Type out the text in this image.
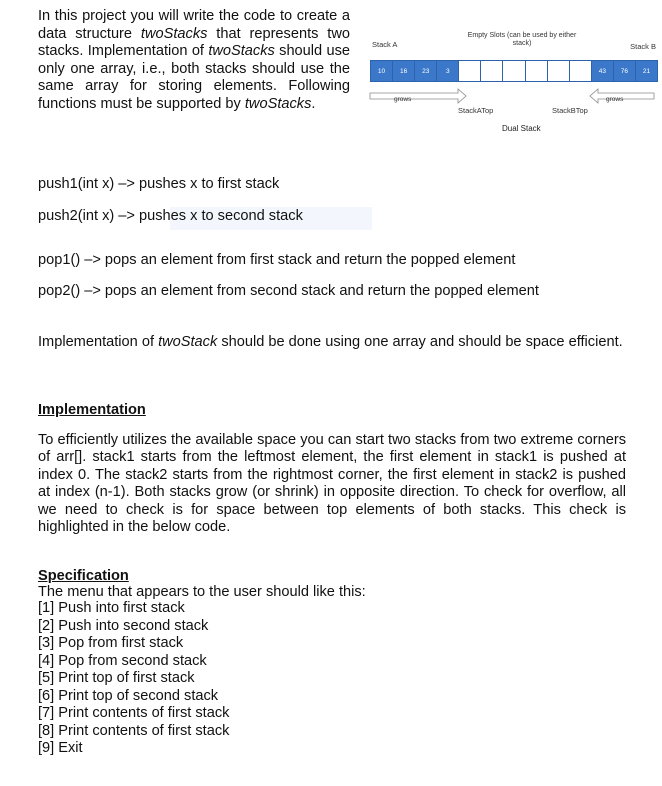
In this project you will write the code to create a data structure twoStacks that represents two stacks. Implementation of twoStacks should use only one array, i.e., both stacks should use the same array for storing elements. Following functions must be supported by twoStacks.

Stack A
Empty Slots (can be used by either stack)	Stack B
10	16	23	3	43	76	21
grows	grows
StackATop	StackBTop
Dual Stack

push1(int x) –> pushes x to first stack

push2(int x) –> pushes x to second stack

pop1() –> pops an element from first stack and return the popped element

pop2() –> pops an element from second stack and return the popped element

Implementation of twoStack should be done using one array and should be space efficient.

Implementation

To efficiently utilizes the available space you can start two stacks from two extreme corners of arr[]. stack1 starts from the leftmost element, the first element in stack1 is pushed at index 0. The stack2 starts from the rightmost corner, the first element in stack2 is pushed at index (n-1). Both stacks grow (or shrink) in opposite direction. To check for overflow, all we need to check is for space between top elements of both stacks. This check is highlighted in the below code.

Specification

The menu that appears to the user should like this:

[1] Push into first stack
[2] Push into second stack
[3] Pop from first stack
[4] Pop from second stack
[5] Print top of first stack
[6] Print top of second stack
[7] Print contents of first stack
[8] Print contents of first stack
[9] Exit
